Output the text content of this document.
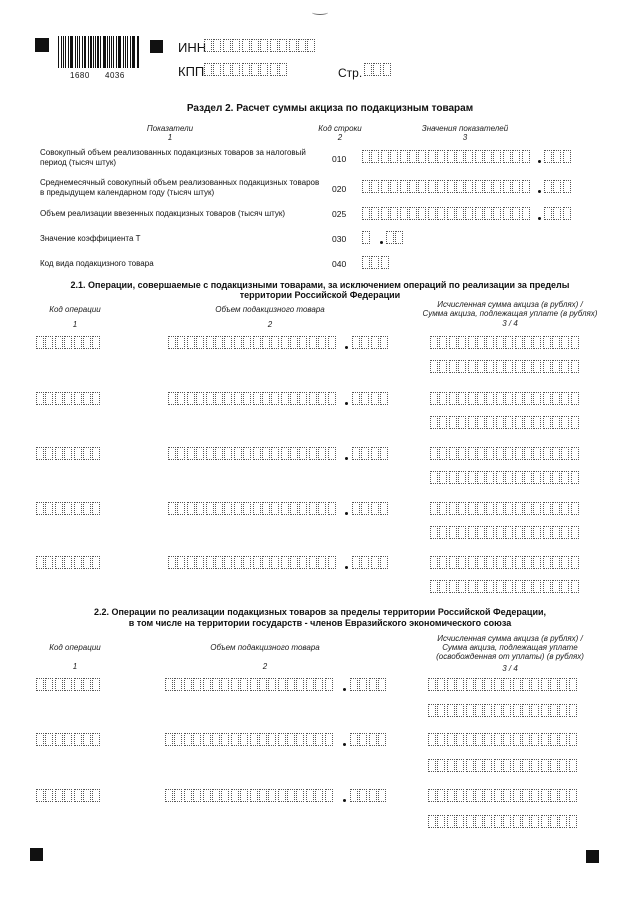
1680 4036
ИНН
КПП	Стр.
Раздел 2. Расчет суммы акциза по подакцизным товарам
Показатели
1
Код строки
2
Значения показателей
3
Совокупный объем реализованных подакцизных товаров за налоговый период (тысяч штук)	010
Среднемесячный совокупный объем реализованных подакцизных товаров в предыдущем календарном году (тысяч штук)	020
Объем реализации ввезенных подакцизных товаров (тысяч штук)	025
Значение коэффициента Т	030
Код вида подакцизного товара	040
2.1. Операции, совершаемые с подакцизными товарами, за исключением операций по реализации за пределы
территории Российской Федерации
Код операции
1
Объем подакцизного товара
2
Исчисленная сумма акциза (в рублях) /
Сумма акциза, подлежащая уплате (в рублях)
3 / 4
2.2. Операции по реализации подакцизных товаров за пределы территории Российской Федерации,
в том числе на территории государств - членов Евразийского экономического союза
Код операции
1
Объем подакцизного товара
2
Исчисленная сумма акциза (в рублях) /
Сумма акциза, подлежащая уплате
(освобожденная от уплаты) (в рублях)
3 / 4
